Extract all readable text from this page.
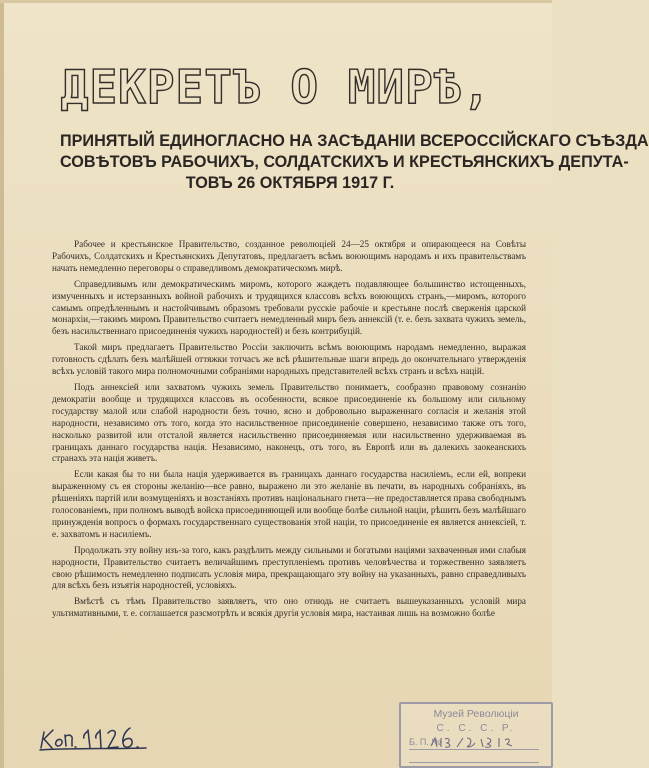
ДЕКРЕТЪ О МИРѢ,
ПРИНЯТЫЙ ЕДИНОГЛАСНО НА ЗАСѢДАНІИ ВСЕРОССІЙСКАГО СЪѢЗДА
СОВѢТОВЪ РАБОЧИХЪ, СОЛДАТСКИХЪ И КРЕСТЬЯНСКИХЪ ДЕПУТА-
ТОВЪ 26 ОКТЯБРЯ 1917 Г.

Рабочее и крестьянское Правительство, созданное революціей 24—25 октября и опирающееся на Совѣты Рабочихъ, Солдатскихъ и Крестьянскихъ Депутатовъ, предлагаетъ всѣмъ воюющимъ народамъ и ихъ правительствамъ начать немедленно переговоры о справедливомъ демократическомъ мирѣ.

Справедливымъ или демократическимъ миромъ, которого жаждетъ подавляющее большинство истощенныхъ, измученныхъ и истерзанныхъ войной рабочихъ и трудящихся классовъ всѣхъ воюющихъ странъ,—миромъ, которого самымъ опредѣленнымъ и настойчивымъ образомъ требовали русскіе рабочіе и крестьяне послѣ сверженія царской монархіи,—такимъ миромъ Правительство считаетъ немедленный миръ безъ аннексій (т. е. безъ захвата чужихъ земель, безъ насильственнаго присоединенія чужихъ народностей) и безъ контрибуцій.

Такой миръ предлагаетъ Правительство Россіи заключить всѣмъ воюющимъ народамъ немедленно, выражая готовность сдѣлать безъ малѣйшей оттяжки тотчасъ же всѣ рѣшительные шаги впредь до окончательнаго утвержденія всѣхъ условій такого мира полномочными собраніями народныхъ представителей всѣхъ странъ и всѣхъ націй.

Подъ аннексіей или захватомъ чужихъ земель Правительство понимаетъ, сообразно правовому сознанію демократіи вообще и трудящихся классовъ въ особенности, всякое присоединеніе къ большому или сильному государству малой или слабой народности безъ точно, ясно и добровольно выраженнаго согласія и желанія этой народности, независимо отъ того, когда это насильственное присоединеніе совершено, независимо также отъ того, насколько развитой или отсталой является насильственно присоединяемая или насильственно удерживаемая въ границахъ даннаго государства нація. Независимо, наконецъ, отъ того, въ Европѣ или въ далекихъ заокеанскихъ странахъ эта нація живетъ.

Если какая бы то ни была нація удерживается въ границахъ даннаго государства насиліемъ, если ей, вопреки выраженному съ ея стороны желанію—все равно, выражено ли это желаніе въ печати, въ народныхъ собраніяхъ, въ рѣшеніяхъ партій или возмущеніяхъ и возстаніяхъ противъ національнаго гнета—не предоставляется права свободнымъ голосованіемъ, при полномъ выводѣ войска присоединяющей или вообще болѣе сильной націи, рѣшить безъ малѣйшаго принужденія вопросъ о формахъ государственнаго существованія этой націи, то присоединеніе ея является аннексіей, т. е. захватомъ и насиліемъ.

Продолжать эту войну изъ-за того, какъ раздѣлить между сильными и богатыми націями захваченныя ими слабыя народности, Правительство считаетъ величайшимъ преступленіемъ противъ человѣчества и торжественно заявляетъ свою рѣшимость немедленно подписать условія мира, прекращающаго эту войну на указанныхъ, равно справедливыхъ для всѣхъ безъ изъятія народностей, условіяхъ.

Вмѣстѣ съ тѣмъ Правительство заявляетъ, что оно отнюдь не считаетъ вышеуказанныхъ условій мира ультимативными, т. е. соглашается разсмотрѣть и всякія другія условія мира, настаивая лишь на возможно болѣе

Музей Революціи
С. С. С. Р.
Б. П. №
